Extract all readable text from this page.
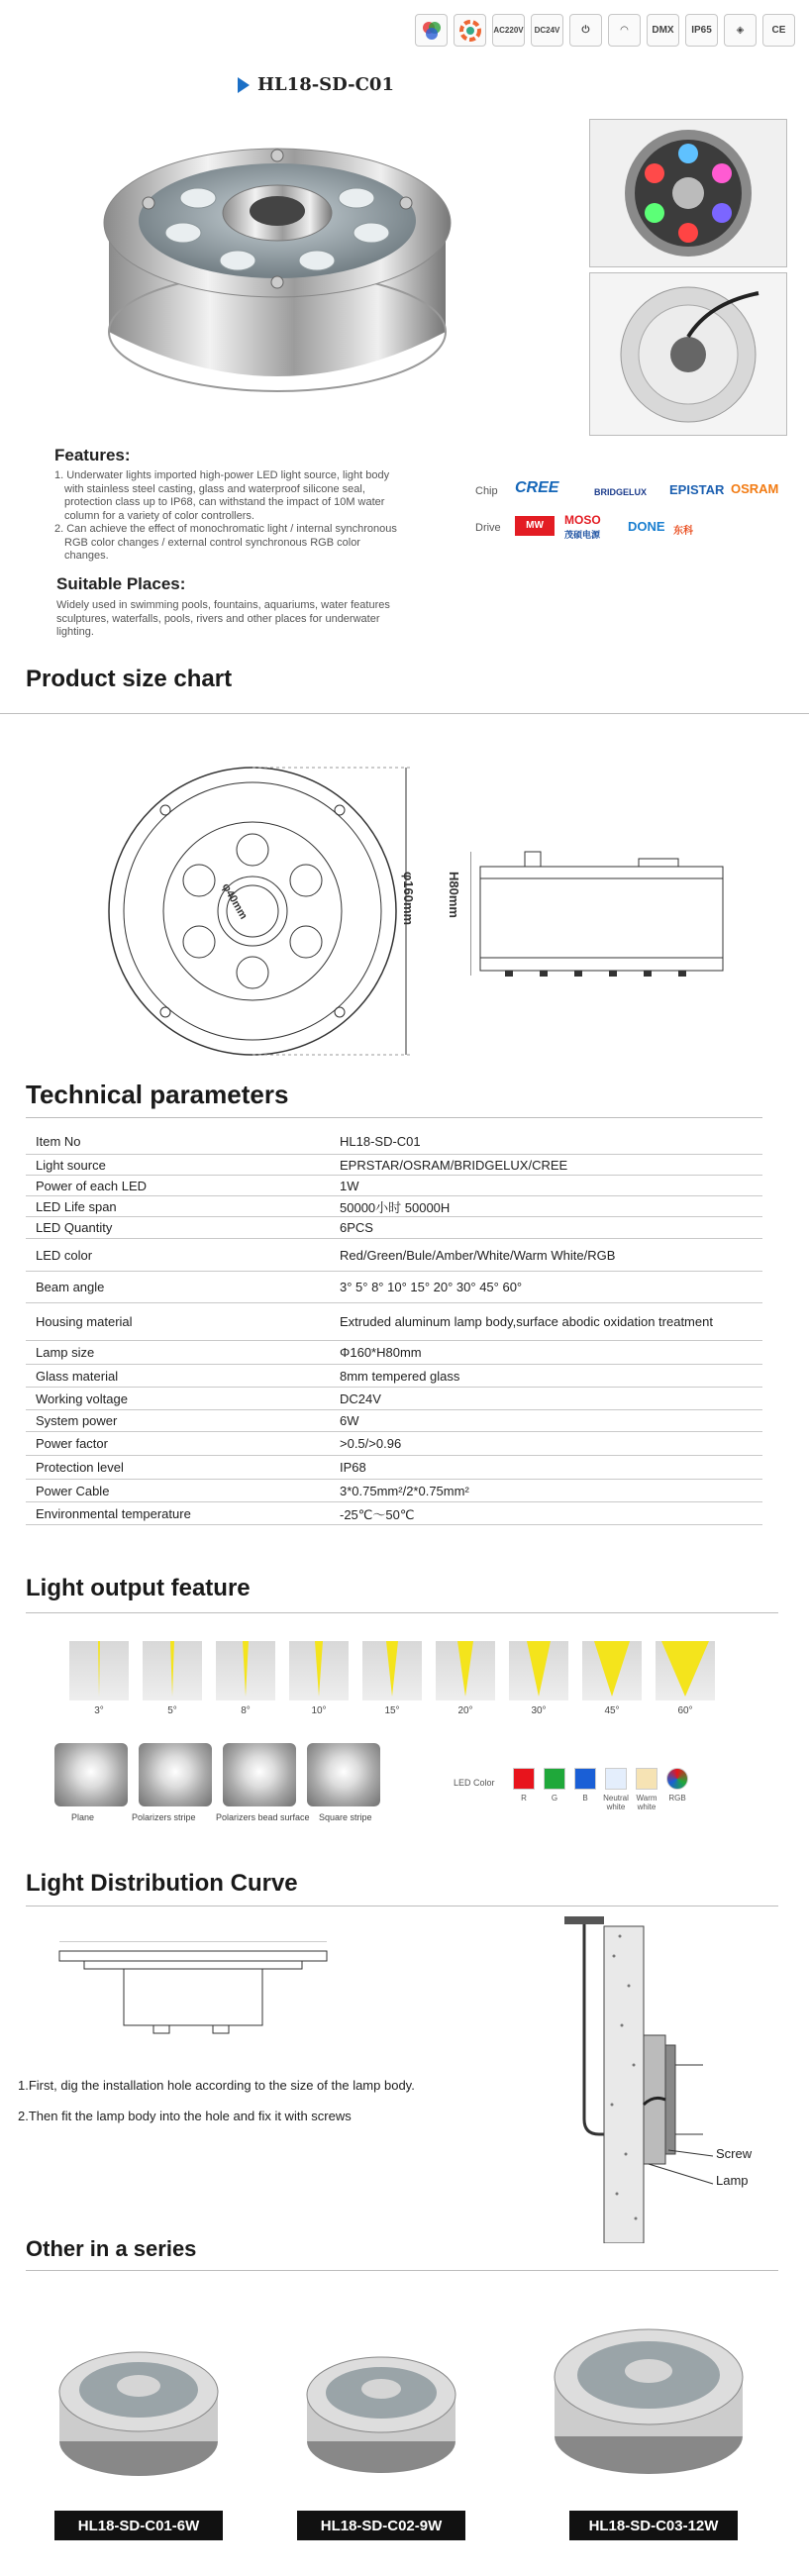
AC220V DC24V ⏻	◠ DMX IP65 ◈	CE
HL18-SD-C01
Features:
1. Underwater lights imported high-power LED light source, light body
with stainless steel casting, glass and waterproof silicone seal,
protection class up to IP68, can withstand the impact of 10M water
column for a variety of color controllers.
2. Can achieve the effect of monochromatic light / internal synchronous
RGB color changes / external control synchronous RGB color
changes.
Suitable Places:
Widely used in swimming pools, fountains, aquariums, water features
sculptures, waterfalls, pools, rivers and other places for underwater
lighting.
Chip CREE	BRIDGELUX EPISTAR OSRAM
Drive	MW	MOSO
茂硕电源
DONE 东科
Product size chart
φ160mm
φ40mm	H80mm
Technical parameters
Item No	HL18-SD-C01
Light source	EPRSTAR/OSRAM/BRIDGELUX/CREE
Power of each LED	1W
LED Life span	50000小时 50000H
LED Quantity	6PCS
LED color	Red/Green/Bule/Amber/White/Warm White/RGB
Beam angle	3° 5° 8° 10° 15° 20° 30° 45° 60°
Housing material	Extruded aluminum lamp body,surface abodic oxidation treatment
Lamp size	Φ160*H80mm
Glass material	8mm tempered glass
Working voltage	DC24V
System power	6W
Power factor	>0.5/>0.96
Protection level	IP68
Power Cable	3*0.75mm²/2*0.75mm²
Environmental temperature	-25℃～50℃
Light output feature
3°	5°	8°	10°	15°	20°	30°	45°	60°
Plane	Polarizers stripe Polarizers bead surface Square stripe
LED Color
R	G	B	Neutral white
Warm white
RGB
Light Distribution Curve
1.First, dig the installation hole according to the size of the lamp body.
2.Then fit the lamp body into the hole and fix it with screws
Screw
Lamp
Other in a series
HL18-SD-C01-6W	HL18-SD-C02-9W	HL18-SD-C03-12W
